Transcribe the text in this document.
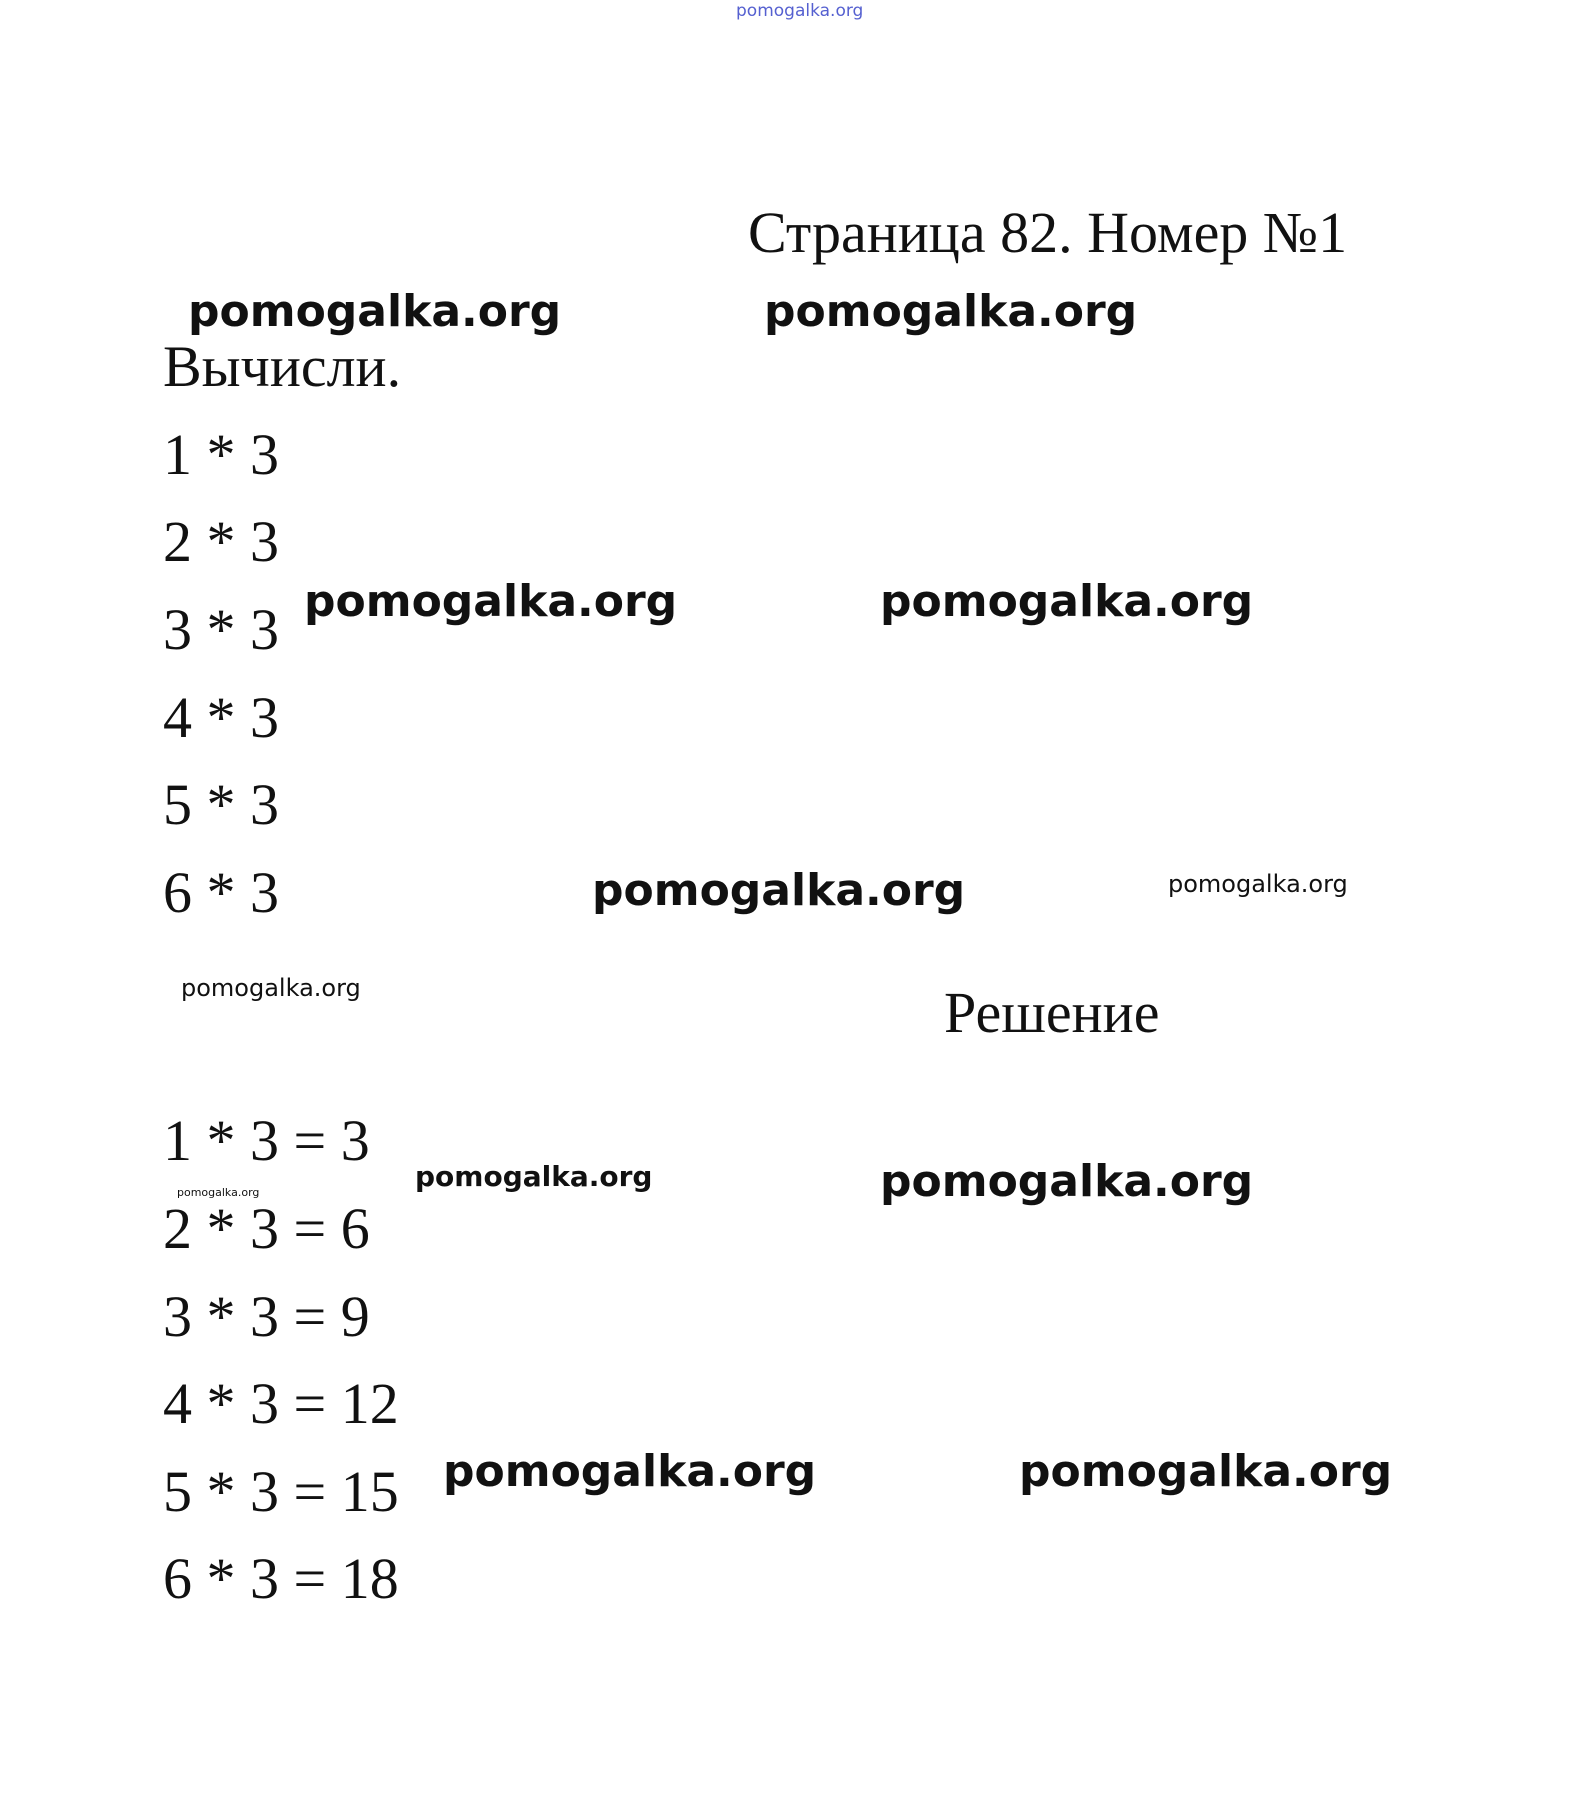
pomogalka.org
Страница 82. Номер №1
pomogalka.org	pomogalka.org
Вычисли.
1 * 3
2 * 3
3 * 3
4 * 3
5 * 3
6 * 3
pomogalka.org	pomogalka.org
pomogalka.org	pomogalka.org
pomogalka.org	Решение
1 * 3 = 3
2 * 3 = 6
3 * 3 = 9
4 * 3 = 12
5 * 3 = 15
6 * 3 = 18
pomogalka.org	pomogalka.org	pomogalka.org
pomogalka.org	pomogalka.org
